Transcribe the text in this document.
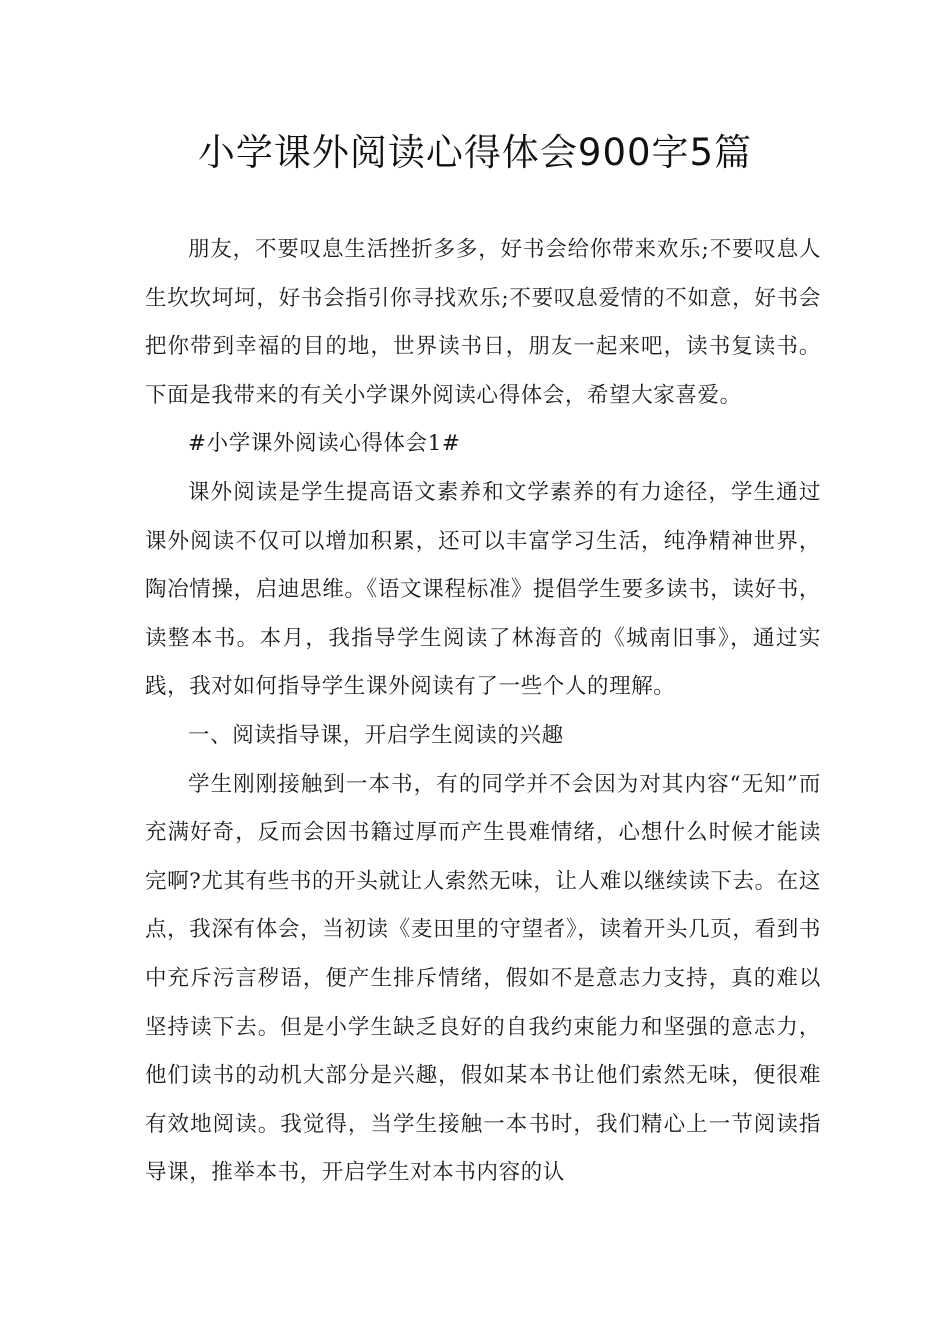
小学课外阅读心得体会900字5篇

朋友，不要叹息生活挫折多多，好书会给你带来欢乐;不要叹息人生坎坎坷坷，好书会指引你寻找欢乐;不要叹息爱情的不如意，好书会把你带到幸福的目的地，世界读书日，朋友一起来吧，读书复读书。下面是我带来的有关小学课外阅读心得体会，希望大家喜爱。

#小学课外阅读心得体会1#

课外阅读是学生提高语文素养和文学素养的有力途径，学生通过课外阅读不仅可以增加积累，还可以丰富学习生活，纯净精神世界，陶冶情操，启迪思维。《语文课程标准》提倡学生要多读书，读好书，读整本书。本月，我指导学生阅读了林海音的《城南旧事》，通过实践，我对如何指导学生课外阅读有了一些个人的理解。

一、阅读指导课，开启学生阅读的兴趣

学生刚刚接触到一本书，有的同学并不会因为对其内容“无知”而充满好奇，反而会因书籍过厚而产生畏难情绪，心想什么时候才能读完啊?尤其有些书的开头就让人索然无味，让人难以继续读下去。在这点，我深有体会，当初读《麦田里的守望者》，读着开头几页，看到书中充斥污言秽语，便产生排斥情绪，假如不是意志力支持，真的难以坚持读下去。但是小学生缺乏良好的自我约束能力和坚强的意志力，他们读书的动机大部分是兴趣，假如某本书让他们索然无味，便很难有效地阅读。我觉得，当学生接触一本书时，我们精心上一节阅读指导课，推举本书，开启学生对本书内容的认
